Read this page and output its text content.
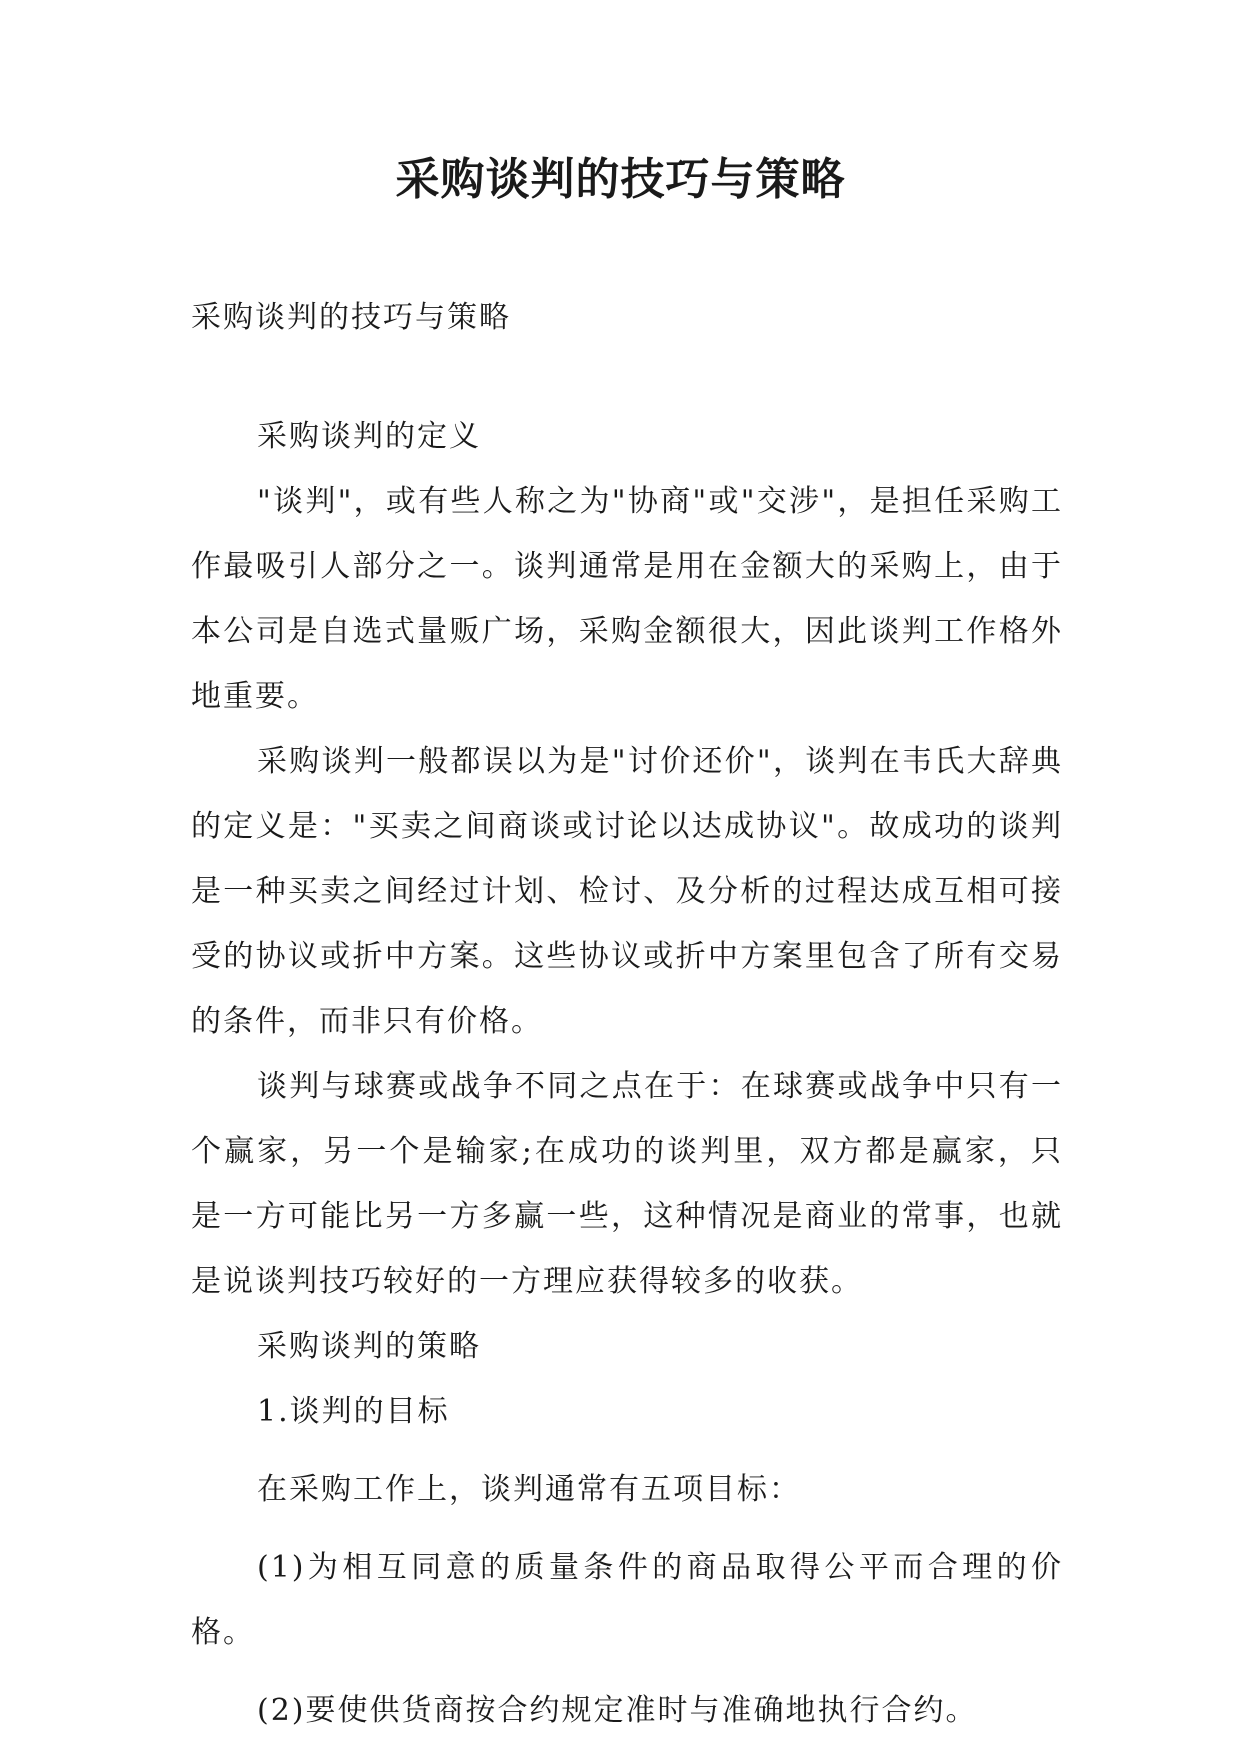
采购谈判的技巧与策略
采购谈判的技巧与策略

采购谈判的定义

"谈判"，或有些人称之为"协商"或"交涉"，是担任采购工作最吸引人部分之一。谈判通常是用在金额大的采购上，由于本公司是自选式量贩广场，采购金额很大，因此谈判工作格外地重要。

采购谈判一般都误以为是"讨价还价"，谈判在韦氏大辞典的定义是："买卖之间商谈或讨论以达成协议"。故成功的谈判是一种买卖之间经过计划、检讨、及分析的过程达成互相可接受的协议或折中方案。这些协议或折中方案里包含了所有交易的条件，而非只有价格。

谈判与球赛或战争不同之点在于：在球赛或战争中只有一个赢家，另一个是输家;在成功的谈判里，双方都是赢家，只是一方可能比另一方多赢一些，这种情况是商业的常事，也就是说谈判技巧较好的一方理应获得较多的收获。

采购谈判的策略

1.谈判的目标

在采购工作上，谈判通常有五项目标：

(1)为相互同意的质量条件的商品取得公平而合理的价格。

(2)要使供货商按合约规定准时与准确地执行合约。
